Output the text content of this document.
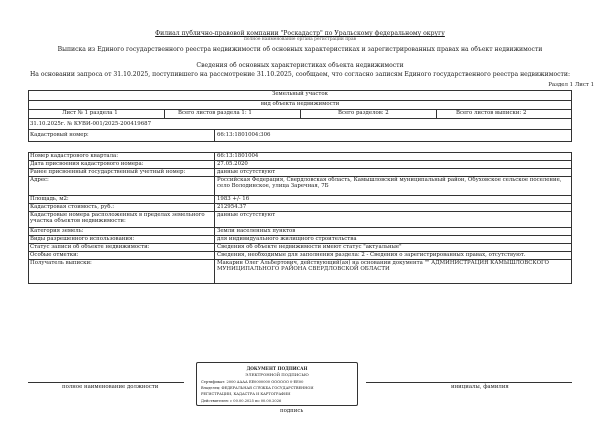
Филиал публично-правовой компании "Роскадастр" по Уральскому федеральному округу
полное наименование органа регистрации прав
Выписка из Единого государственного реестра недвижимости об основных характеристиках и зарегистрированных правах на объект недвижимости
Сведения об основных характеристиках объекта недвижимости
На основании запроса от 31.10.2025, поступившего на рассмотрение 31.10.2025, сообщаем, что согласно записям Единого государственного реестра недвижимости:
Раздел 1 Лист 1
Земельный участок
вид объекта недвижимости
Лист № 1 раздела 1	Всего листов раздела 1: 1	Всего разделов: 2	Всего листов выписки: 2
31.10.2025г. № КУВИ-001/2025-200419687
Кадастровый номер:	66:13:1801004:306
Номер кадастрового квартала:	66:13:1801004
Дата присвоения кадастрового номера:	27.05.2020
Ранее присвоенный государственный учетный номер:	данные отсутствуют
Адрес:	Российская Федерация, Свердловская область, Камышловский муниципальный район, Обуховское сельское поселение, село Володинское, улица Заречная, 7Б
Площадь, м2:	1983 +/- 16
Кадастровая стоимость, руб.:	212954.37
Кадастровые номера расположенных в пределах земельного участка объектов недвижимости:
данные отсутствуют
Категория земель:	Земли населенных пунктов
Виды разрешенного использования:	для индивидуального жилищного строительства
Статус записи об объекте недвижимости:	Сведения об объекте недвижимости имеют статус "актуальные"
Особые отметки:	Сведения, необходимые для заполнения раздела: 2 - Сведения о зарегистрированных правах, отсутствуют.
Получатель выписки:	Макарин Олег Альбертович, действующий(ая) на основании документа "" АДМИНИСТРАЦИЯ КАМЫШЛОВСКОГО МУНИЦИПАЛЬНОГО РАЙОНА СВЕРДЛОВСКОЙ ОБЛАСТИ
ДОКУМЕНТ ПОДПИСАН
ЭЛЕКТРОННОЙ ПОДПИСЬЮ
Сертификат: 2000 АААА ЕЕ0000000 ОООООО 0-ЕЕ00
Владелец: ФЕДЕРАЛЬНАЯ СЛУЖБА ГОСУДАРСТВЕННОЙ
РЕГИСТРАЦИИ, КАДАСТРА И КАРТОГРАФИИ
Действителен: с 00.00.2025 по 00.00.2026
полное наименование должности
подпись
инициалы, фамилия
